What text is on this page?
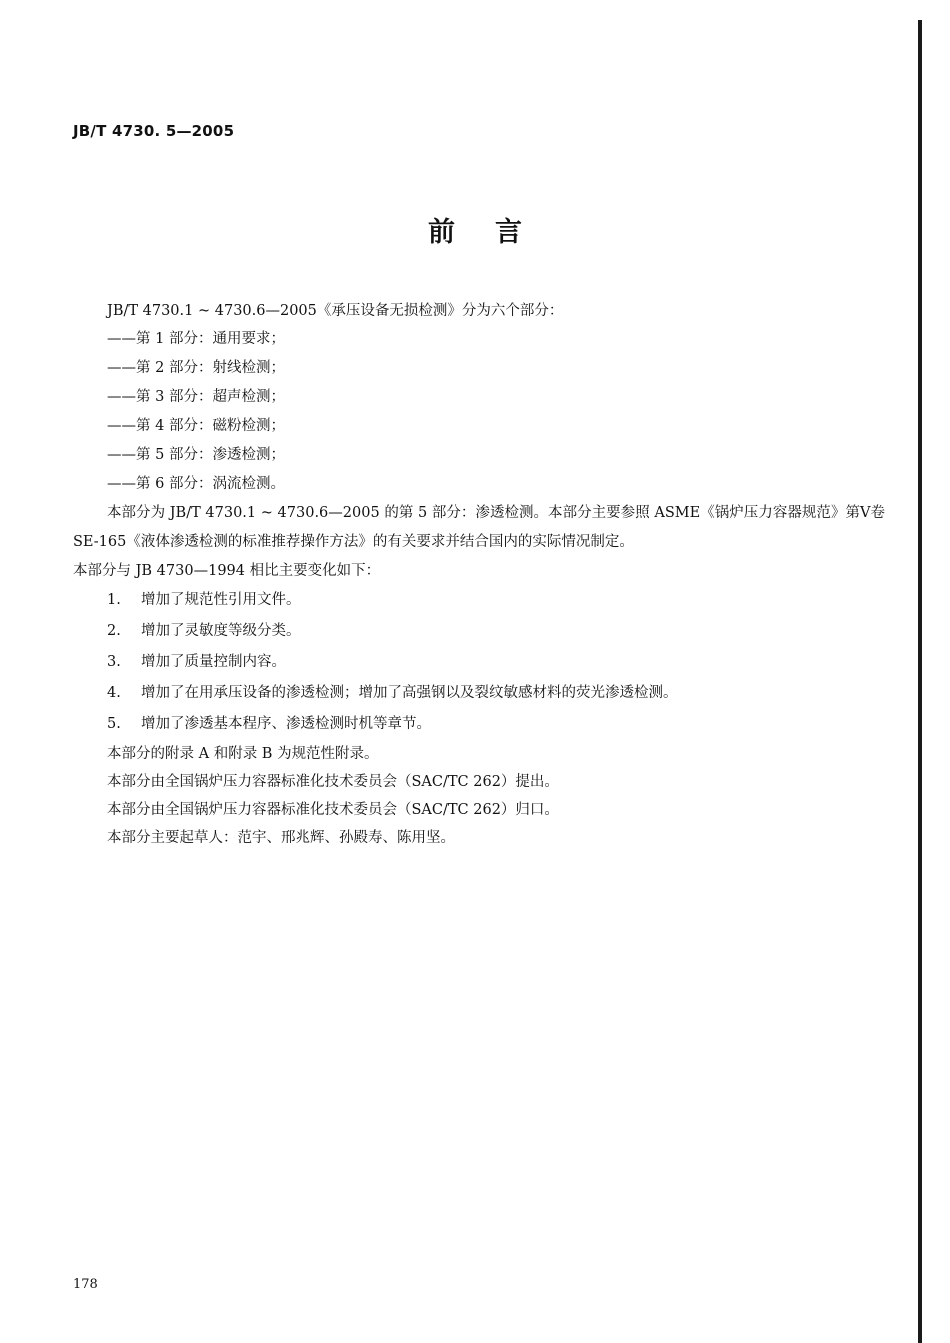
JB/T 4730. 5—2005
前言

JB/T 4730.1 ~ 4730.6—2005《承压设备无损检测》分为六个部分：

——第 1 部分：通用要求；

——第 2 部分：射线检测；

——第 3 部分：超声检测；

——第 4 部分：磁粉检测；

——第 5 部分：渗透检测；

——第 6 部分：涡流检测。

本部分为 JB/T 4730.1 ~ 4730.6—2005 的第 5 部分：渗透检测。本部分主要参照 ASME《锅炉压力容器规范》第Ⅴ卷 SE-165《液体渗透检测的标准推荐操作方法》的有关要求并结合国内的实际情况制定。

本部分与 JB 4730—1994 相比主要变化如下：

1. 增加了规范性引用文件。

2. 增加了灵敏度等级分类。

3. 增加了质量控制内容。

4. 增加了在用承压设备的渗透检测；增加了高强钢以及裂纹敏感材料的荧光渗透检测。

5. 增加了渗透基本程序、渗透检测时机等章节。

本部分的附录 A 和附录 B 为规范性附录。

本部分由全国锅炉压力容器标准化技术委员会（SAC/TC 262）提出。

本部分由全国锅炉压力容器标准化技术委员会（SAC/TC 262）归口。

本部分主要起草人：范宇、邢兆辉、孙殿寿、陈用坚。

178
